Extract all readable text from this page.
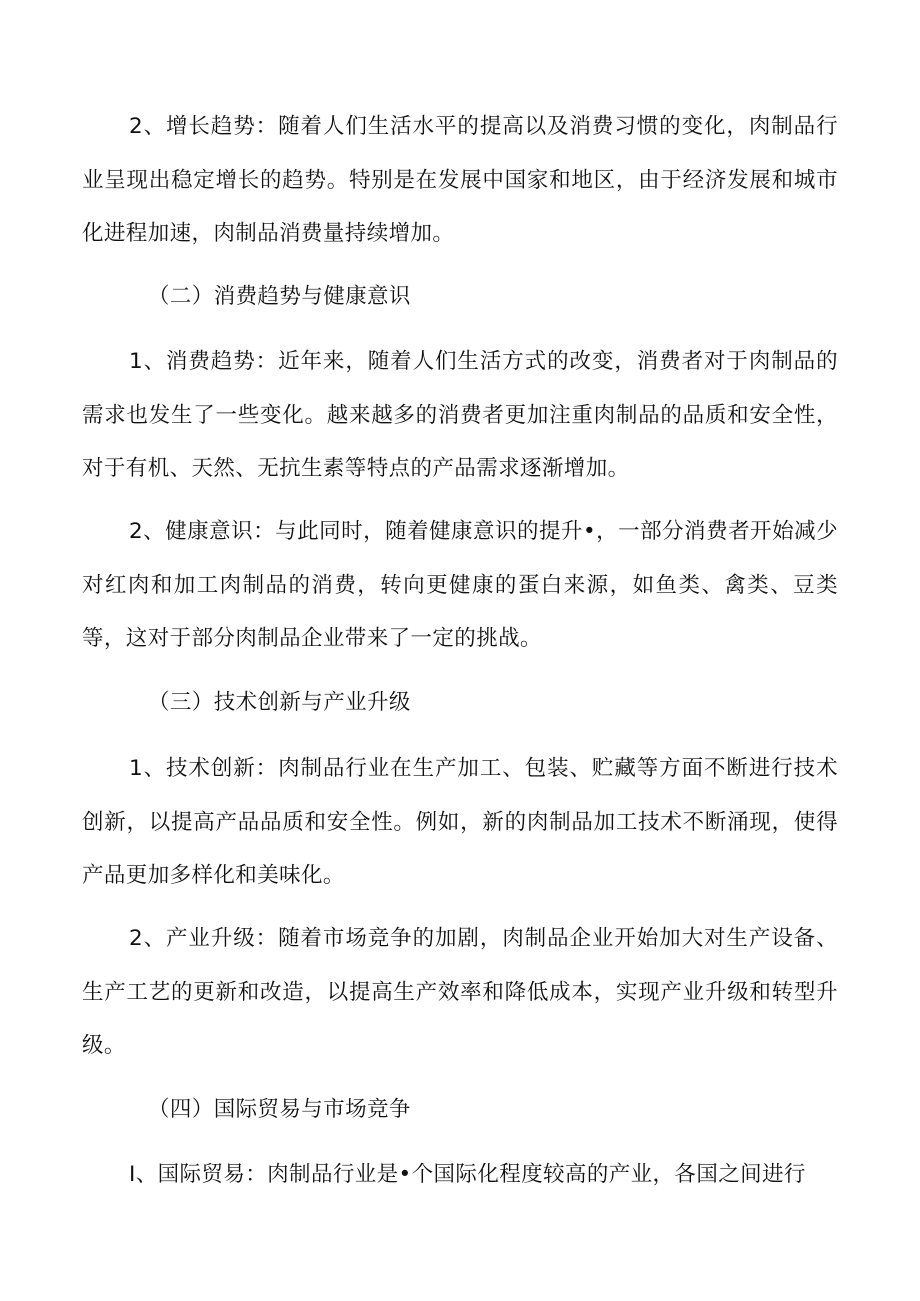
2、增长趋势：随着人们生活水平的提高以及消费习惯的变化，肉制品行业呈现出稳定增长的趋势。特别是在发展中国家和地区，由于经济发展和城市化进程加速，肉制品消费量持续增加。

（二）消费趋势与健康意识

1、消费趋势：近年来，随着人们生活方式的改变，消费者对于肉制品的需求也发生了一些变化。越来越多的消费者更加注重肉制品的品质和安全性，对于有机、天然、无抗生素等特点的产品需求逐渐增加。

2、健康意识：与此同时，随着健康意识的提升•，一部分消费者开始减少对红肉和加工肉制品的消费，转向更健康的蛋白来源，如鱼类、禽类、豆类等，这对于部分肉制品企业带来了一定的挑战。

（三）技术创新与产业升级

1、技术创新：肉制品行业在生产加工、包装、贮藏等方面不断进行技术创新，以提高产品品质和安全性。例如，新的肉制品加工技术不断涌现，使得产品更加多样化和美味化。

2、产业升级：随着市场竞争的加剧，肉制品企业开始加大对生产设备、生产工艺的更新和改造，以提高生产效率和降低成本，实现产业升级和转型升级。

（四）国际贸易与市场竞争

I、国际贸易：肉制品行业是•个国际化程度较高的产业，各国之间进行
